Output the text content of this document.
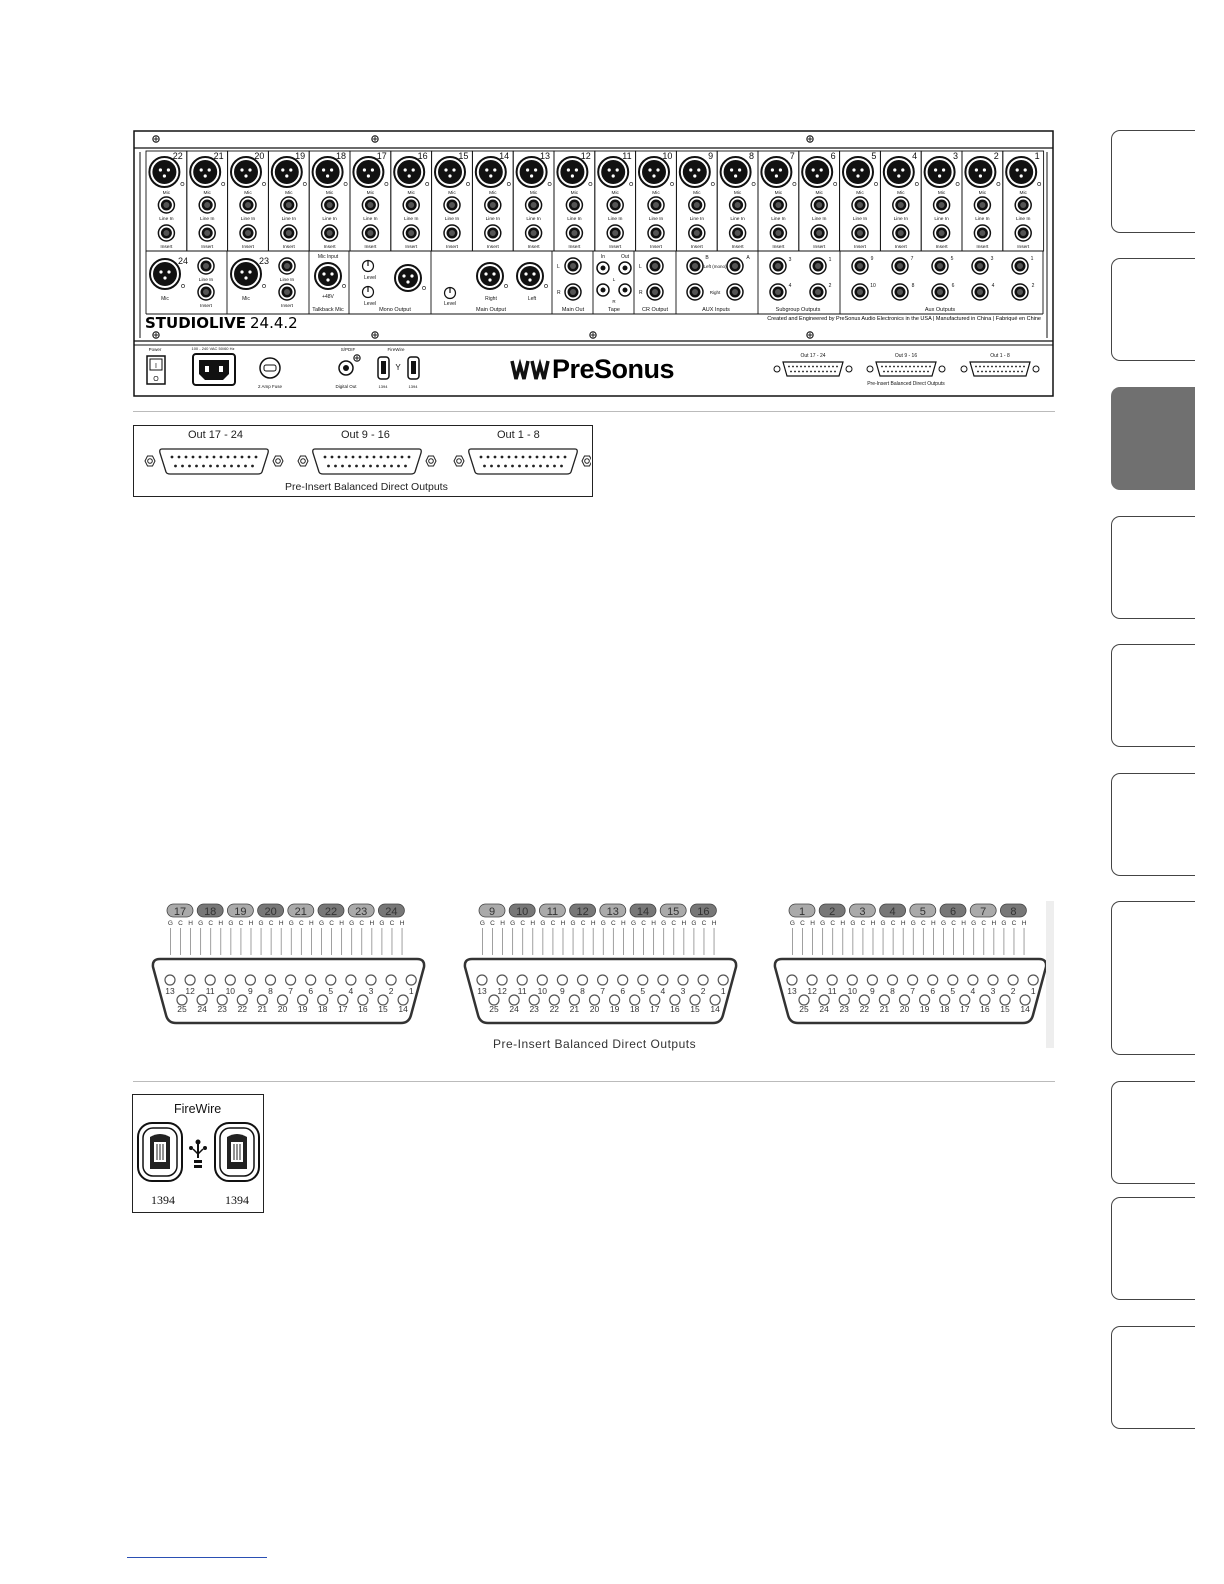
22
Mic
Line In
Insert
21
Mic
Line In
Insert
20
Mic
Line In
Insert
19
Mic
Line In
Insert
18
Mic
Line In
Insert
17
Mic
Line In
Insert
16
Mic
Line In
Insert
15
Mic
Line In
Insert
14
Mic
Line In
Insert
13
Mic
Line In
Insert
12
Mic
Line In
Insert
11
Mic
Line In
Insert
10
Mic
Line In
Insert
9
Mic
Line In
Insert
8
Mic
Line In
Insert
7
Mic
Line In
Insert
6
Mic
Line In
Insert
5
Mic
Line In
Insert
4
Mic
Line In
Insert
3
Mic
Line In
Insert
2
Mic
Line In
Insert
1
Mic
Line In
Insert
24
Mic
Line In
Insert
23
Mic
Line In
Insert
Mic Input
+48V
Talkback Mic
Level
Level
Mono Output
Level
Right	Left
Main Output
L
R
Main Out
In	Out
L
R
Tape
L
R
CR Output
B	A
Left (mono)
Right
AUX Inputs
3	1
4	2
Subgroup Outputs
9
10
7
8
5
6
3
4
1
2
Aux Outputs
Power
I
O
100 - 240 VAC 50/60 Hz
2 Amp Fuse
S/PDIF
Digital Out
FireWire
Y
1394	1394
Out 17 - 24	Out 9 - 16	Out 1 - 8
Pre-Insert Balanced Direct Outputs
STUDIOLIVE 24.4.2	Created and Engineered by PreSonus Audio Electronics in the USA | Manufactured in China | Fabriqué en Chine
PreSonus
Out 17 - 24	Out 9 - 16	Out 1 - 8
Pre-Insert Balanced Direct Outputs
17 18 19 20 21 22 23 24
G C H G C H G C H G C H G C H G C H G C H G C H
13 12 11 10 9 8 7 6 5 4 3 2 1
25 24 23 22 21 20 19 18 17 16 15 14
9 10 11 12 13 14 15 16
G C H G C H G C H G C H G C H G C H G C H G C H
13 12 11 10 9 8 7 6 5 4 3 2 1
25 24 23 22 21 20 19 18 17 16 15 14
1 2 3 4 5 6 7 8
G C H G C H G C H G C H G C H G C H G C H G C H
13 12 11 10 9 8 7 6 5 4 3 2 1
25 24 23 22 21 20 19 18 17 16 15 14
Pre-Insert Balanced Direct Outputs
FireWire
1394	1394
